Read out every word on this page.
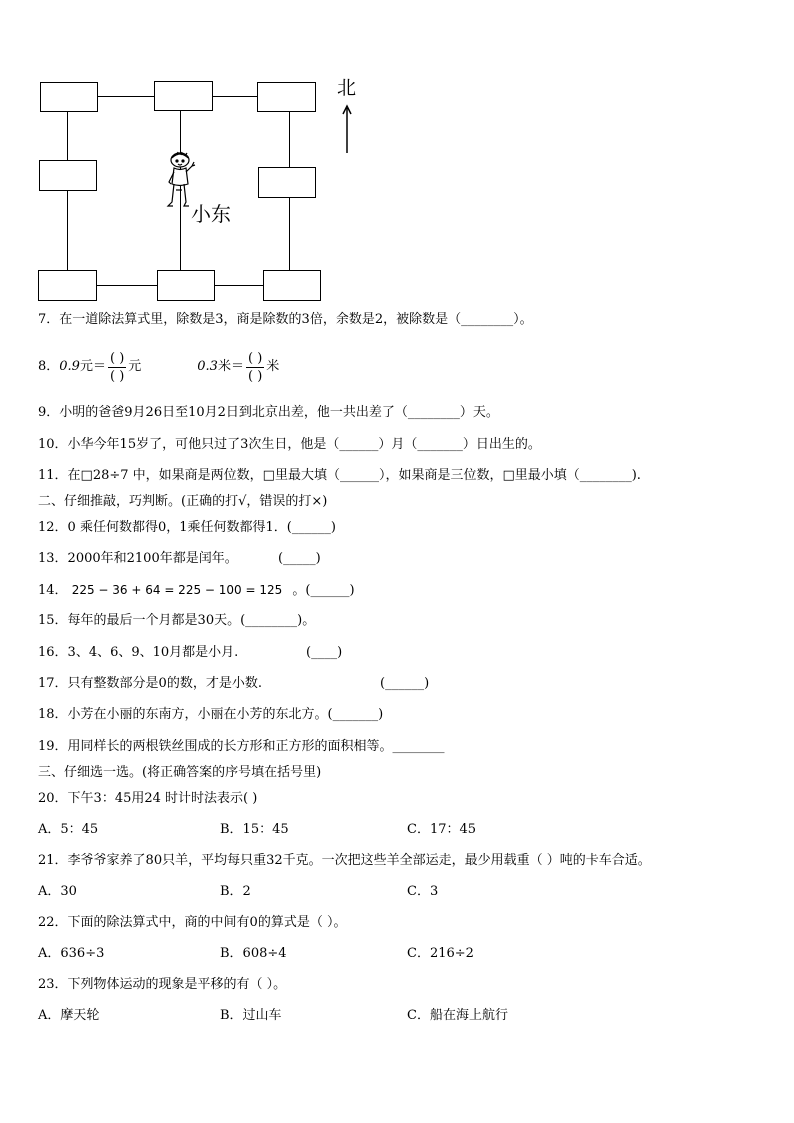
小东
北
7．在一道除法算式里，除数是3，商是除数的3倍，余数是2，被除数是（________）。
8． 0.9 元＝ $\frac{( )}{( )}$ 元	0.3 米＝ $\frac{( )}{( )}$ 米
9．小明的爸爸9月26日至10月2日到北京出差，他一共出差了（________）天。
10．小华今年15岁了，可他只过了3次生日，他是（______）月（_______）日出生的。
11．在□28÷7 中，如果商是两位数，□里最大填（______），如果商是三位数，□里最小填（________).
二、仔细推敲，巧判断。(正确的打√，错误的打×)
12．0 乘任何数都得0，1乘任何数都得1．(______)
13．2000年和2100年都是闰年。	(_____)
14． 225 − 36 + 64 = 225 − 100 = 125 。(______)
15．每年的最后一个月都是30天。(________)。
16．3、4、6、9、10月都是小月.	(____)
17．只有整数部分是0的数，才是小数.	(______)
18．小芳在小丽的东南方，小丽在小芳的东北方。(_______)
19．用同样长的两根铁丝围成的长方形和正方形的面积相等。________
三、仔细选一选。(将正确答案的序号填在括号里)
20．下午3：45用24 时计时法表示( )
A．5：45	B．15：45	C．17：45
21．李爷爷家养了80只羊，平均每只重32千克。一次把这些羊全部运走，最少用载重（ ）吨的卡车合适。
A．30	B．2	C．3
22．下面的除法算式中，商的中间有0的算式是（ ）。
A．636÷3	B．608÷4	C．216÷2
23．下列物体运动的现象是平移的有（ ）。
A．摩天轮	B．过山车	C．船在海上航行
